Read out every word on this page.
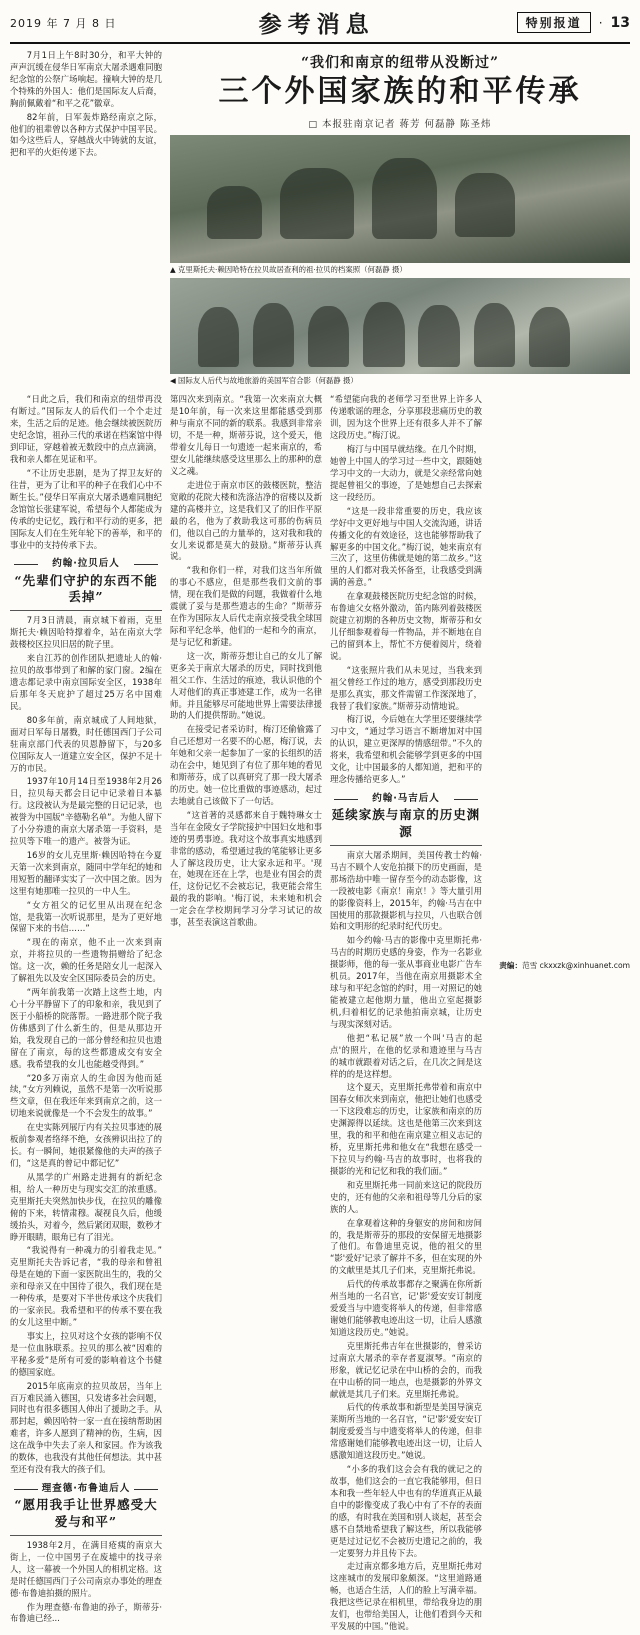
2019 年 7 月 8 日	参考消息	特别报道	· 13

7月1日上午8时30分，和平大钟的声声沉缓在侵华日军南京大屠杀遇难同胞纪念馆的公祭广场响起。撞响大钟的是几个特殊的外国人：他们是国际友人后裔，胸前佩戴着“和平之花”徽章。

82年前，日军轰炸路经南京之际，他们的祖辈曾以各种方式保护中国平民。如今这些后人，穿越战火中铸就的友谊，把和平的火炬传递下去。

“我们和南京的纽带从没断过”
三个外国家族的和平传承
□ 本报驻南京记者 蒋芳 何磊静 陈圣炜
▲ 克里斯托夫·赖因哈特在拉贝故居查利的祖·拉贝的档案照（何磊静 摄）
◀ 国际友人后代与故地旅游的美国军官合影（何磊静 摄）

“日此之后，我们和南京的纽带再没有断过。”国际友人的后代们一个个走过来，生活之后的足迹。他会继续被医院历史纪念馆，祖孙三代的承诺在档案馆中得到印证，穿越着被无数段中的点点滴滴，我和亲人都在见证和平。

“不让历史悲剧，是为了捍卫友好的往昔，更为了让和平的种子在我们心中不断生长。”侵华日军南京大屠杀遇难同胞纪念馆馆长张建军说，希望每个人都能成为传承的史记忆，践行和平行动的更多，把国际友人们在生死年轮下的善举，和平的事业中的支持传承下去。

约翰·拉贝后人
“先辈们守护的东西不能丢掉”

7月3日清晨，南京城下着雨，克里斯托夫·赖因哈特撑着伞，站在南京大学鼓楼校区拉贝旧居的院子里。

来自江苏的创作团队把遗址人的翰·拉贝的故事带到了和解的家门窗。2编在遗志都记录中南京国际安全区，1938年后那年冬天庇护了超过25万名中国难民。

80多年前，南京城成了人间地狱，面对日军每日屠戮，时任德国西门子公司驻南京部门代表的贝恩静留下，与20多位国际友人一道建立安全区，保护不足十万的市民。

1937年10月14日至1938年2月26日，拉贝每天都会日记中记录着日本暴行。这段被认为是最完整的日记记录，也被誉为中国版“辛德勒名单”。为他人留下了小分券遗的南京大屠杀第一手资料，是拉贝等下唯一的遗产。被誉为证。

16岁的女儿克里斯·赖因哈特在今夏天第一次来到南京，随同中学年纪的她和用短暂的翻译实实了一次中国之旅。因为这里有她那唯一拉贝的一中人生。

“女方祖父的记忆里从出现在纪念馆，是我第一次听说那里，是为了更好地保留下来的书信……”

“现在的南京，他不止一次来到南京，并将拉贝的一些遗物捐赠给了纪念馆。这一次，赖的任务是陪女儿一起深入了解祖先以及安全区国际委员会的历史。

“两年前我第一次踏上这些土地，内心十分平静留下了的印象和亲，我见到了医于小船桥的院落帮。一路进那个院子我仿佛感到了什么新生的，但是从那边开始，我发现自己的一部分曾经和拉贝也遗留在了南京，每的这些都遗成交有安全感。我希望我的女儿也能越受得到。”

“20多万南京人的生命因为他而延续，”女方列赖说，虽然不是第一次听说那些文章，但在我还年来到南京之前，这一切地来说就像是一个不会发生的故事。”

在史实陈列展厅内有关拉贝事迹的展板前参观者络绎不绝，女孩辨识出拉了的长。有一瞬间，她很紧像他的夫声的孩子们，“这是真的曾记中都记忆”

从黑学的广州路走进拥有的新纪念相，给人一种历史与现实交汇的浓重感。克里斯托夫突然加快步伐，在拉贝的雕像俯的下来，转情肃穆。凝视良久后，他缓缓抬头，对着今，然后紧闭双眼，数秒才睁开眼睛，眼角已有了泪光。

“我说得有一种魂力的引着我走见。”克里斯托夫告诉记者，“我的母亲和曾祖母是在她的下面一家医院出生的，我的父亲和母亲又在中国待了很久，我们现在是一种传承，是要对下半世传承这个庆我们的一家亲民。我希望和平的传承不要在我的女儿这里中断。”

事实上，拉贝对这个女孩的影响不仅是一位血脉联系。拉贝的那么被“因难的平秘多爱”是所有可爱的影响着这个书健的德国家庭。

2015年底南京的拉贝故居，当年上百万难民涌入德国，只发诸多社会问题，同时也有很多德国人伸出了援助之手。从那封起，赖因哈特一家一直在接纳帮助困难者，许多人愿到了精神的伤，生病，因这在战争中失去了亲人和家园。作为该我的数体，也我没有其他任何想法。其中甚至还有没有我大的孩子们。

理查德·布鲁迪后人
“愿用我手让世界感受大爱与和平”

1938年2月，在满目疮痍的南京大街上，一位中国男子在废墟中的找寻亲人，这一幕被一个外国人的相机定格。这是时任德国西门子公司南京办事处的理查德·布鲁迪拍摄的照片。

作为理查德·布鲁迪的孙子，斯蒂芬·布鲁迪已经...

第四次来到南京。“我第一次来南京大概是10年前，每一次来这里都能感受到那种与南京不同的新的联系。我感到非常亲切，不是一种，斯蒂芬说，这个爱天，他带着女儿每日一句遗迹一起来南京的，希望女儿能继续感受这里那么上的那种的意义之魂。

走进位于南京市区的鼓楼医院，整洁宽敞的花院大楼和洗涤洁净的宿楼以及新建的高楼并立，这是我们又了的旧作平原最的名，他为了救助我这可那的伤病员们，他以自己的力量举的，这对我和我的女儿来说都是莫大的鼓励。”斯蒂芬认真说。

“我和你们一样，对我们这当年所做的事心不感应，但是那些我们文前的事情，现在我们是做的问题，我做着什么地震就了妥与是那些遗志的生命？”斯蒂芬在作为国际友人后代走南京接受我全球国际和平纪念举，他们的一起和今的南京，是与记忆和新建。

这一次，斯蒂芬想让自己的女儿了解更多关于南京大屠杀的历史，同时找到他祖父工作、生活过的痕迹，我认识他的个人对他们的真正事迹建工作，成为一名律师。并且能够尽可能地世界上需要法律援助的人们提供帮助。”她说。

在接受记者采访时，梅汀还偷偷露了自己还想对一名要不的心愿，梅汀说，去年她和父亲一起参加了一家的长组织的活动在会中，她见到了有位了那年她的看见和斯蒂芬，成了以真研究了那一段大屠杀的历史。她一位比重做的事迹感动，起过去地就自己该做下了一句话。

“这首著的灵感都来自于魏特琳女士当年在金陵女子学院接护中国妇女地和事迹的男勇事迹。我对这个故事真实地感到非常的感动，希望通过我的笔能够让更多人了解这段历史，让大家永远和平。'现在，她现在还在上学，也是业有国会的责任，这份记忆不会被忘记，我更能会常生最的我的影响。'梅汀说，未来她和机会一定会在学校期间学习分学习试记的故事，甚至表演这首歌曲。

“希望能向我的老师学习至世界上许多人传递歌谣的理念，分享那段悲痛历史的教训，因为这个世界上还有很多人并不了解这段历史。”梅汀说。

梅汀与中国早就结缘。在几个时期，她曾上中国人的学习过一些中文，跟随她学习中文的一大动力，就是父亲经常向她提起曾祖父的事迹，了是她想自己去探索这一段经历。

“这是一段非常重要的历史，我应该学好中文更好地与中国人交流沟通，讲话传播文化的有效途径，这也能够帮助我了解更多的中国文化。”梅汀说，她来南京有三次了，这里仿佛就是她的第二故乡。”这里的人们都对我关怀备至，让我感受到满满的善意。”

在拿观鼓楼医院历史纪念馆的时候，布鲁迪父女格外激动，笛内陈列着鼓楼医院建立初期的各种历史文物，斯蒂芬和女儿仔细参观着每一件物品，并不断地在自己的留到本上，帮忙不方便着阅片，绕着说。

“这张照片我们从未见过，当我来到祖父曾经工作过的地方，感受到那段历史是那么真实，那文件需留工作深深地了，我替了我们家族。”斯蒂芬动情地说。

梅汀说，今后她在大学里还要继续学习中文，“通过学习语言不断增加对中国的认识，建立更深厚的情感纽带。”不久的将来，我希望和机会能够学到更多的中国文化，让中国最多的人都知道，把和平的理念传播给更多人。”

约翰·马吉后人
延续家族与南京的历史渊源

南京大屠杀期间，美国传教士约翰·马吉不顾个人安危拍摄下的历史画面，是那场浩劫中唯一留存至今的动态影像，这一段被电影《南京！南京！》等大量引用的影像资料上，2015年，约翰·马吉在中国使用的那款摄影机与拉贝，八也联合创始和文明形的纪录时纪代历史。

如今约翰·马吉的影像中克里斯托弗·马吉的时期历史感的身姿，作为一名影业摄影师，他的每一张从事商业电影广告车机员。2017年，当他在南京用摄影术全球与和平纪念馆的约时，用一对照记的她能被建立起他期力量，他出立室起摄影机,归着相忆的记录他拍南京城，让历史与现实深刻对话。

他把“私记展”放一个叫'马吉的起点'的照片，在他的忆录和遗迹里与马吉的城市就跟着对话之后，在几次之间是这样的的是这样想。

这个夏天，克里斯托弗带着和南京中国春女师次来到南京，他把让她们也感受一下这段难忘的历史，让家族和南京的历史渊源得以延续。这也是他第三次来到这里，我的和平和他在南京建立相义志记的桥，克里斯托弗和他女在“我想在感受一下拉贝与约翰·马吉的故事时，也将我的摄影的光和记忆和我的我们面。”

和克里斯托弗一同前来这记的院段历史的，还有他的父亲和祖母等几分后的家族的人。

在拿观着这种的身躯安的房间和房间的，我是斯蒂芬的那段的安保留无地摄影了他们。布鲁迪里克说，他的祖父的里“影'爱好'记录了解并不多，但在实现的外的文献里是其几子们来，克里斯托弗说。

后代的传承故事都存之聚满在你所新州当地的一名召官，记'影'爱安安订制度爱爱当与中遗变将举人的传递，但非常感谢她们能够教电迹出这一切，让后人感激知道这段历史。”她说。

克里斯托弗吉年在世摄影的，曾采访过南京大屠杀的幸存者夏淑琴。“南京的形象，就记忆记录在中山桥的会的，而我在中山桥的同一地点，也是摄影的外界文献就是其几子们来。克里斯托弗说。

后代的传承故事和新型是美国导演克莱斯所当地的一名召官，“记'影'爱安安订制度爱爱当与中遗变将举人的传递，但非常感谢她们能够教电迹出这一切，让后人感激知道这段历史。”她说。

“小多的我们这会会有我的就记之的故事，他们这会的一直它我能够用，但日本和我一些年轻人中也有的华道真正从最自中的影像变成了我心中有了不存的表面的感，有时我在美国和别人谈起，甚至会感不自禁地希望我了解这些，所以我能够更是过过记忆不会被历史遗记之前的，我一定要努力并且传下去。

走过南京都多地方后，克里斯托弗对这座城市的发展印象颇深。“这里道路通畅，也适合生活，人们的脸上写满幸福。我把这些记录在相机里，带给我身边的朋友们，也带给美国人，让他们看到今天和平发展的中国。”他说。

责编：范雪 ckxxzk@xinhuanet.com
